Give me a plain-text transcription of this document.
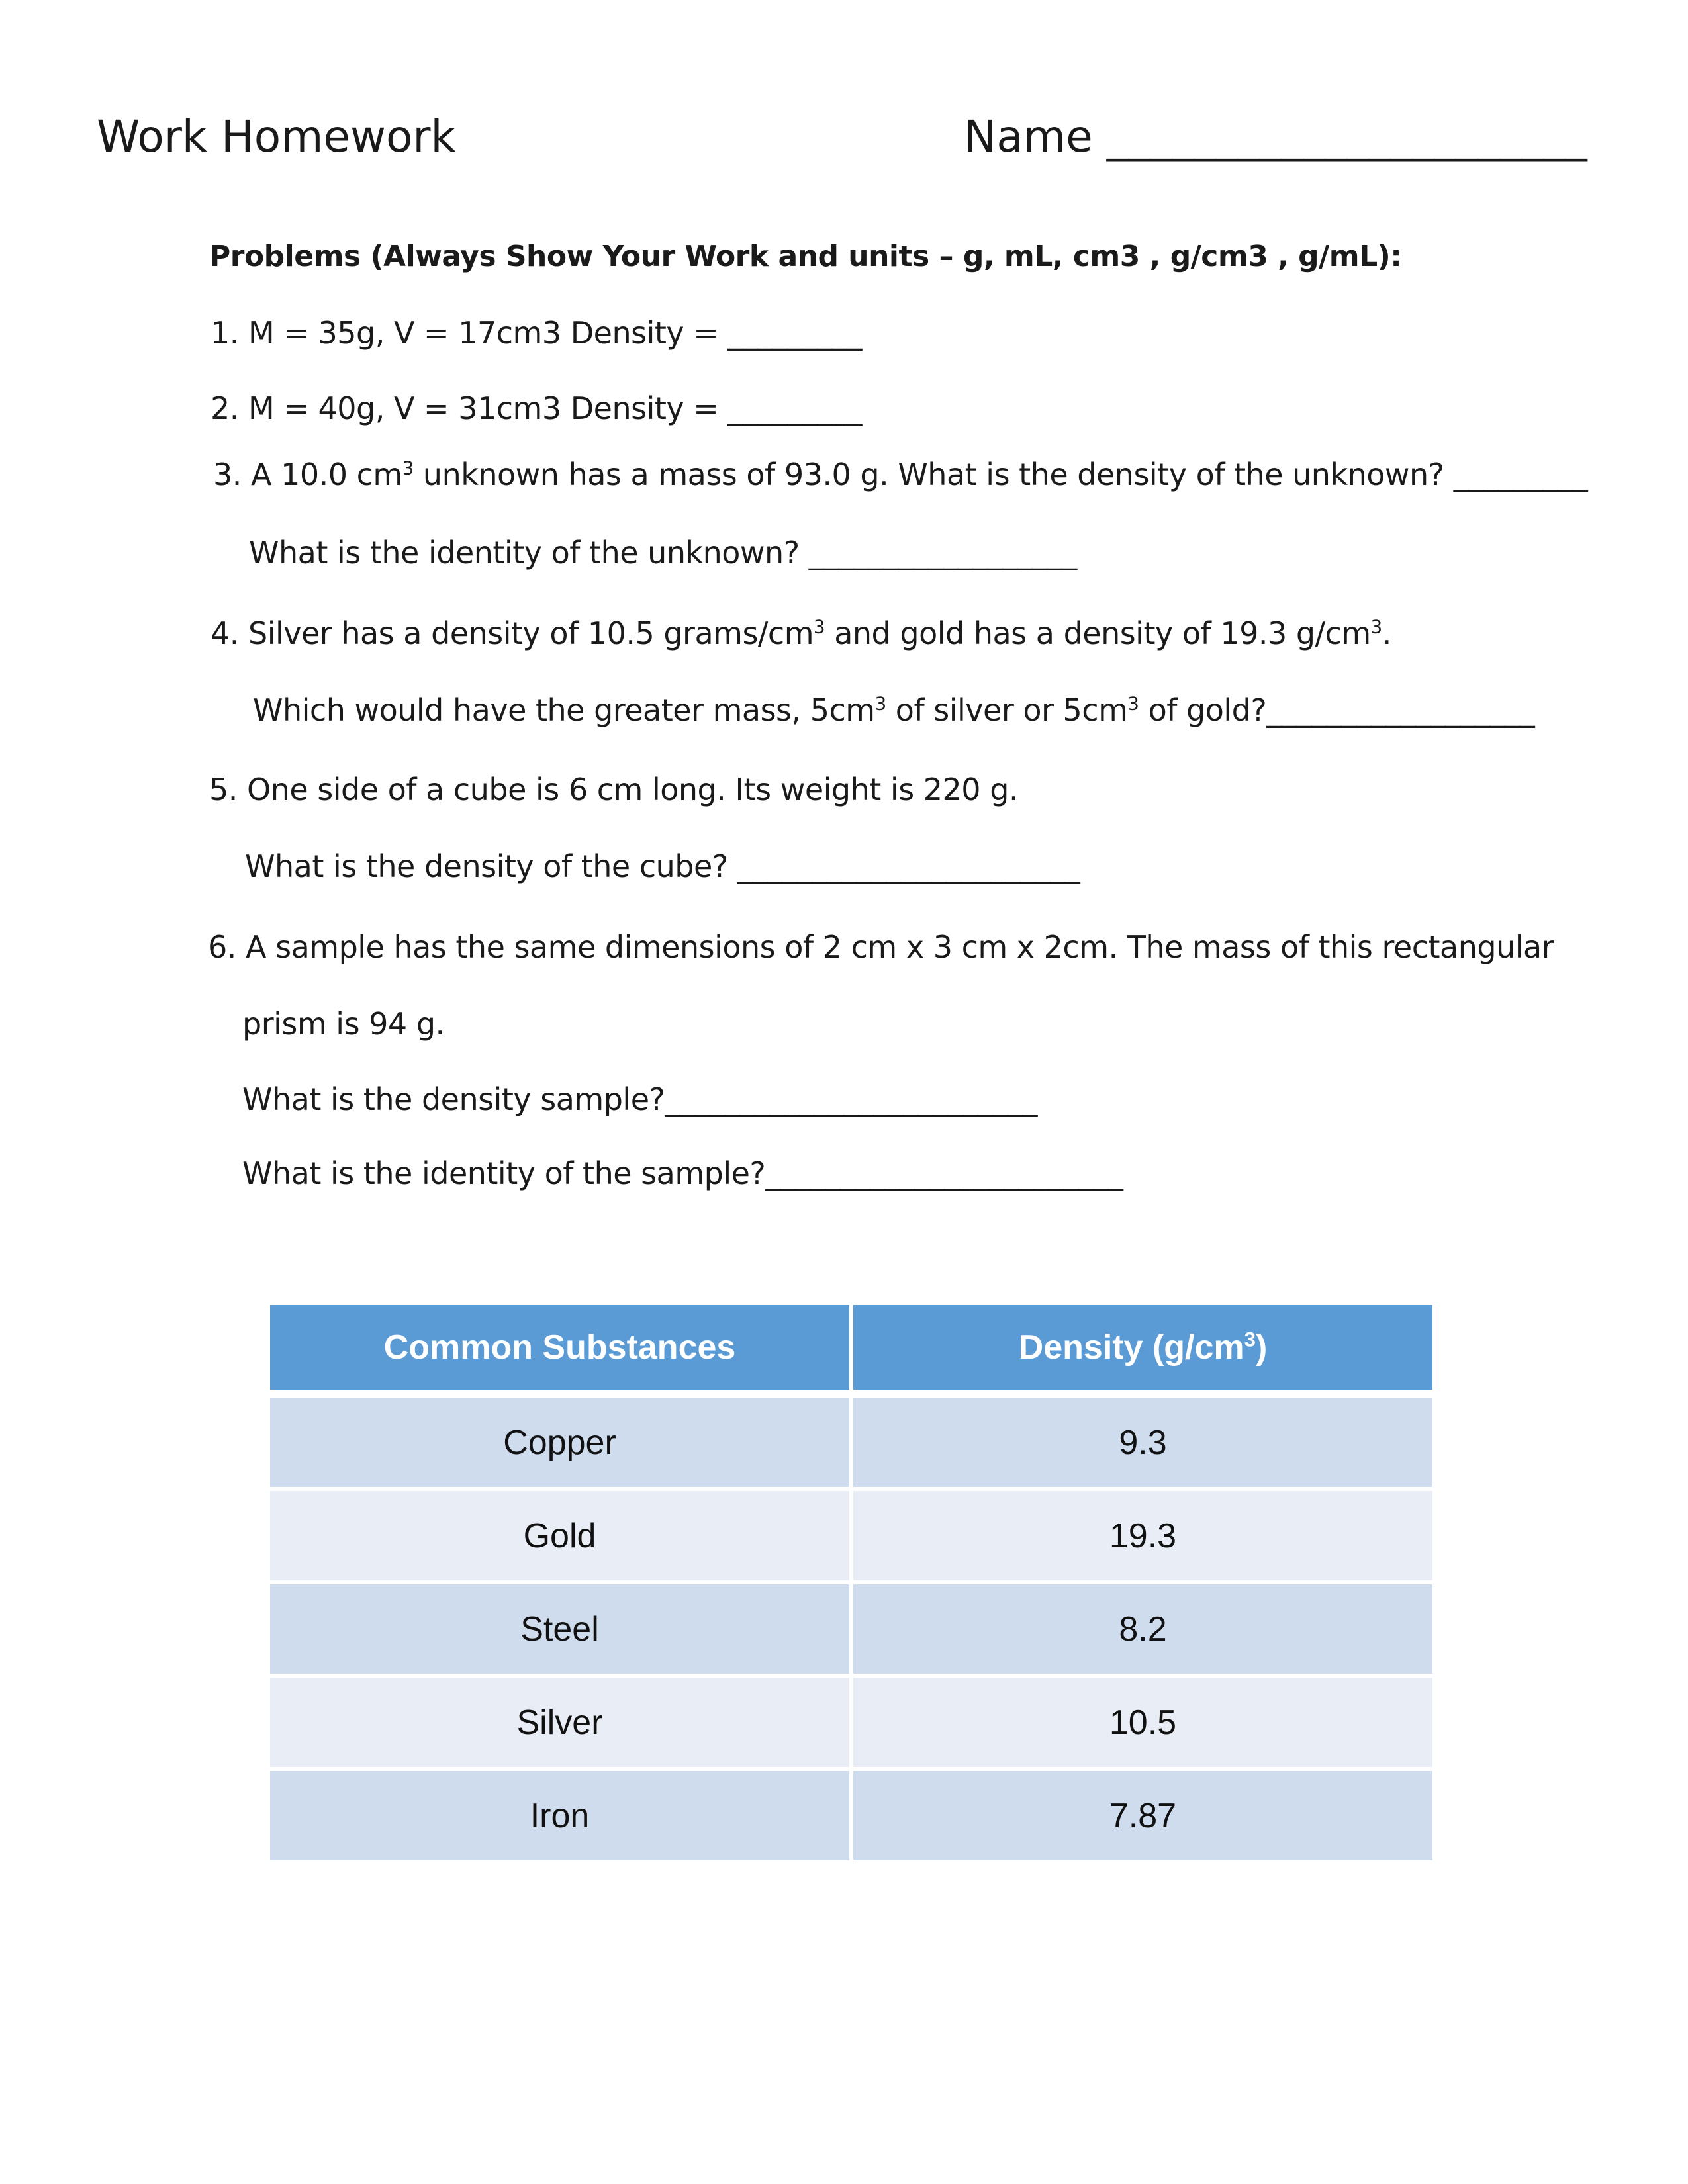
Work Homework	Name ______________________
Problems (Always Show Your Work and units – g, mL, cm3 , g/cm3 , g/mL):
1. M = 35g, V = 17cm3 Density = _________
2. M = 40g, V = 31cm3 Density = _________
3. A 10.0 $cm^3$ unknown has a mass of 93.0 g. What is the density of the unknown? _________
What is the identity of the unknown? __________________
4. Silver has a density of 10.5 grams/$cm^3$ and gold has a density of 19.3 $g/cm^3$.
Which would have the greater mass, $5cm^3$ of silver or $5cm^3$ of gold?__________________
5. One side of a cube is 6 cm long. Its weight is 220 g.
What is the density of the cube? _______________________
6. A sample has the same dimensions of 2 cm x 3 cm x 2cm. The mass of this rectangular
prism is 94 g.
What is the density sample?_________________________
What is the identity of the sample?________________________
Common Substances	Density $(g/cm^3)$
Copper	9.3
Gold	19.3
Steel	8.2
Silver	10.5
Iron	7.87
